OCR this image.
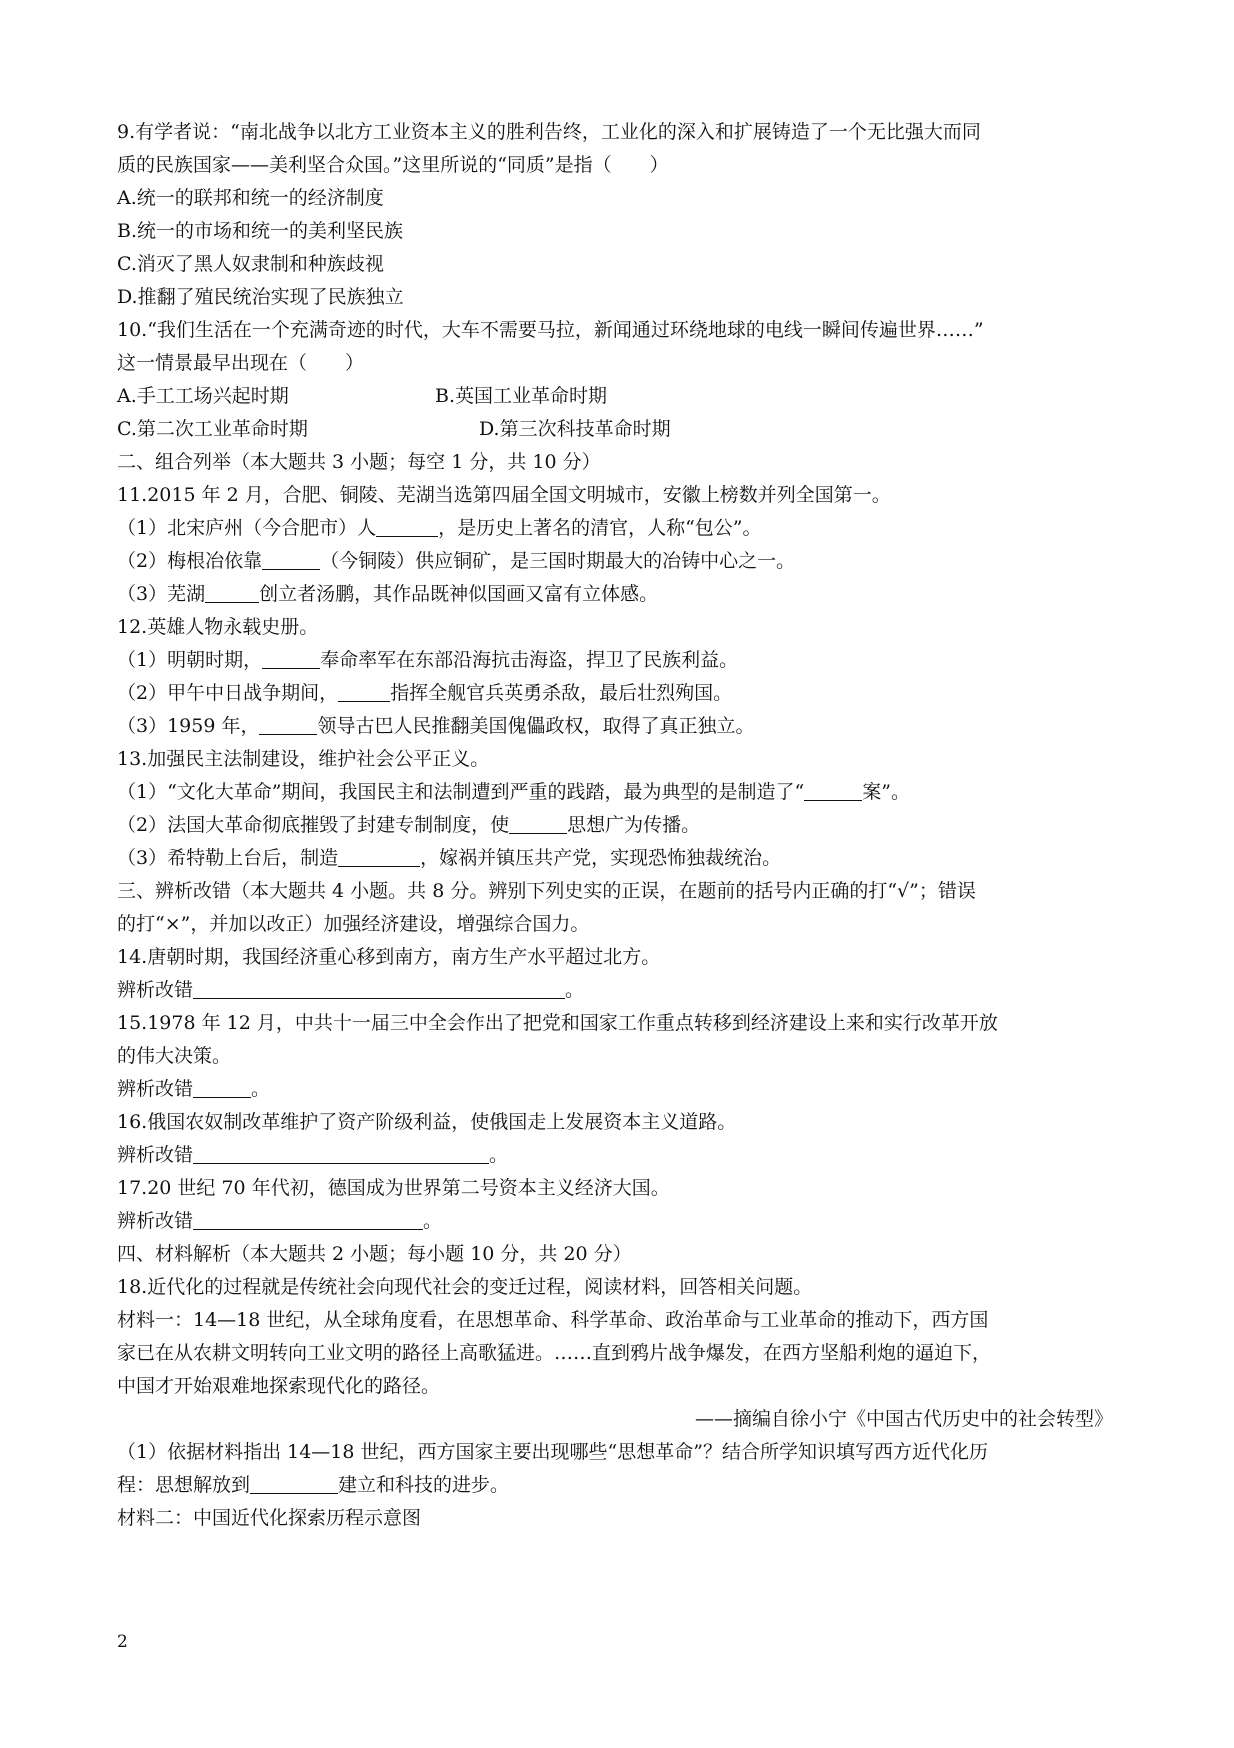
9.有学者说：“南北战争以北方工业资本主义的胜利告终，工业化的深入和扩展铸造了一个无比强大而同
质的民族国家——美利坚合众国。”这里所说的“同质”是指（　　）
A.统一的联邦和统一的经济制度
B.统一的市场和统一的美利坚民族
C.消灭了黑人奴隶制和种族歧视
D.推翻了殖民统治实现了民族独立
10.“我们生活在一个充满奇迹的时代，大车不需要马拉，新闻通过环绕地球的电线一瞬间传遍世界……”
这一情景最早出现在（　　）
A.手工工场兴起时期	B.英国工业革命时期
C.第二次工业革命时期	D.第三次科技革命时期
二、组合列举（本大题共 3 小题；每空 1 分，共 10 分）
11.2015 年 2 月，合肥、铜陵、芜湖当选第四届全国文明城市，安徽上榜数并列全国第一。
（1）北宋庐州（今合肥市）人	，是历史上著名的清官，人称“包公”。
（2）梅根冶依靠	（今铜陵）供应铜矿，是三国时期最大的冶铸中心之一。
（3）芜湖	创立者汤鹏，其作品既神似国画又富有立体感。
12.英雄人物永载史册。
（1）明朝时期，	奉命率军在东部沿海抗击海盗，捍卫了民族利益。
（2）甲午中日战争期间，	指挥全舰官兵英勇杀敌，最后壮烈殉国。
（3）1959 年，	领导古巴人民推翻美国傀儡政权，取得了真正独立。
13.加强民主法制建设，维护社会公平正义。
（1）“文化大革命”期间，我国民主和法制遭到严重的践踏，最为典型的是制造了“	案”。
（2）法国大革命彻底摧毁了封建专制制度，使	思想广为传播。
（3）希特勒上台后，制造	，嫁祸并镇压共产党，实现恐怖独裁统治。
三、辨析改错（本大题共 4 小题。共 8 分。辨别下列史实的正误，在题前的括号内正确的打“√”；错误
的打“×”，并加以改正）加强经济建设，增强综合国力。
14.唐朝时期，我国经济重心移到南方，南方生产水平超过北方。
辨析改错	。
15.1978 年 12 月，中共十一届三中全会作出了把党和国家工作重点转移到经济建设上来和实行改革开放
的伟大决策。
辨析改错	。
16.俄国农奴制改革维护了资产阶级利益，使俄国走上发展资本主义道路。
辨析改错	。
17.20 世纪 70 年代初，德国成为世界第二号资本主义经济大国。
辨析改错	。
四、材料解析（本大题共 2 小题；每小题 10 分，共 20 分）
18.近代化的过程就是传统社会向现代社会的变迁过程，阅读材料，回答相关问题。
材料一：14—18 世纪，从全球角度看，在思想革命、科学革命、政治革命与工业革命的推动下，西方国
家已在从农耕文明转向工业文明的路径上高歌猛进。……直到鸦片战争爆发，在西方坚船利炮的逼迫下，
中国才开始艰难地探索现代化的路径。
——摘编自徐小宁《中国古代历史中的社会转型》
（1）依据材料指出 14—18 世纪，西方国家主要出现哪些“思想革命”？结合所学知识填写西方近代化历
程：思想解放到	建立和科技的进步。
材料二：中国近代化探索历程示意图
2
